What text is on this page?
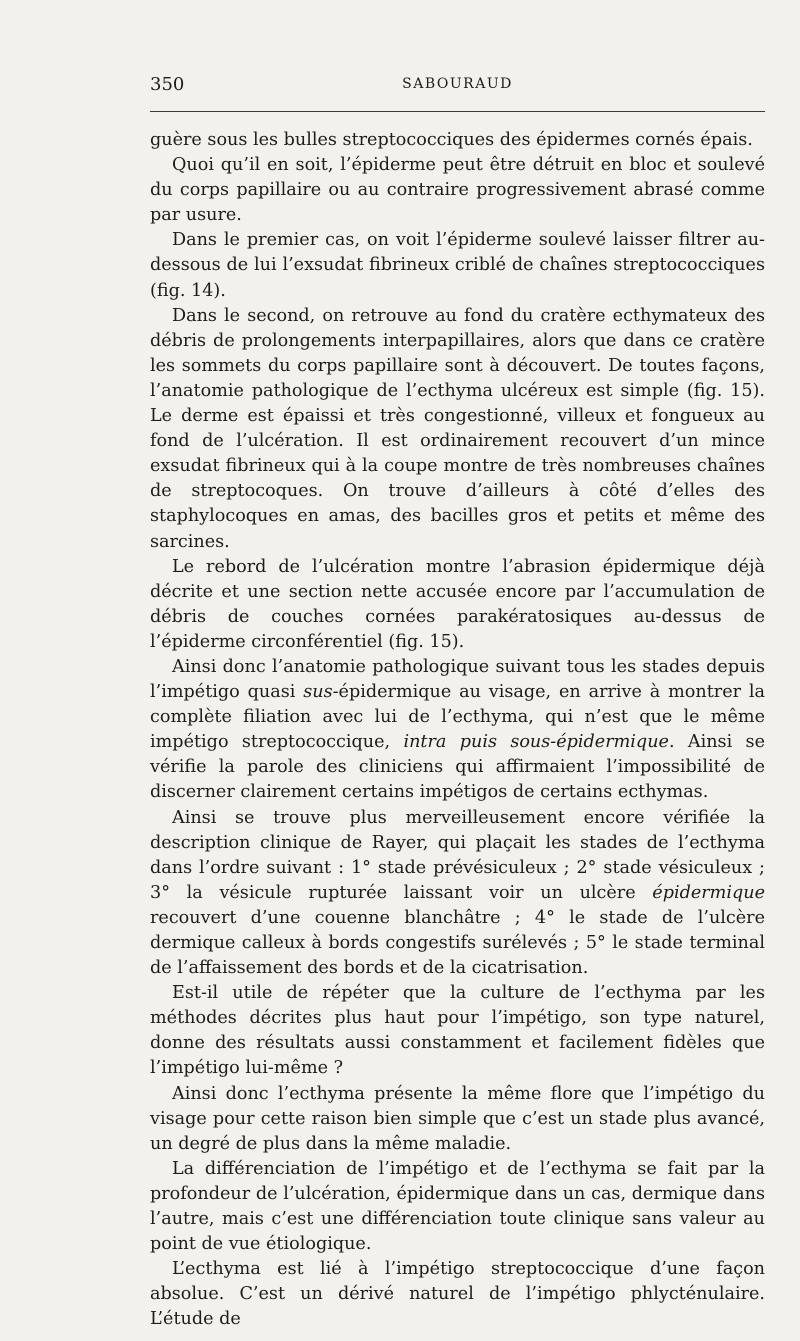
350	SABOURAUD

guère sous les bulles streptococciques des épidermes cornés épais.

Quoi qu’il en soit, l’épiderme peut être détruit en bloc et soulevé du corps papillaire ou au contraire progressivement abrasé comme par usure.

Dans le premier cas, on voit l’épiderme soulevé laisser filtrer au-dessous de lui l’exsudat fibrineux criblé de chaînes streptococciques (fig. 14).

Dans le second, on retrouve au fond du cratère ecthymateux des débris de prolongements interpapillaires, alors que dans ce cratère les sommets du corps papillaire sont à découvert. De toutes façons, l’anatomie pathologique de l’ecthyma ulcéreux est simple (fig. 15). Le derme est épaissi et très congestionné, villeux et fongueux au fond de l’ulcération. Il est ordinairement recouvert d’un mince exsudat fibrineux qui à la coupe montre de très nombreuses chaînes de streptocoques. On trouve d’ailleurs à côté d’elles des staphylocoques en amas, des bacilles gros et petits et même des sarcines.

Le rebord de l’ulcération montre l’abrasion épidermique déjà décrite et une section nette accusée encore par l’accumulation de débris de couches cornées parakératosiques au-dessus de l’épiderme circonférentiel (fig. 15).

Ainsi donc l’anatomie pathologique suivant tous les stades depuis l’impétigo quasi sus-épidermique au visage, en arrive à montrer la complète filiation avec lui de l’ecthyma, qui n’est que le même impétigo streptococcique, intra puis sous-épidermique. Ainsi se vérifie la parole des cliniciens qui affirmaient l’impossibilité de discerner clairement certains impétigos de certains ecthymas.

Ainsi se trouve plus merveilleusement encore vérifiée la description clinique de Rayer, qui plaçait les stades de l’ecthyma dans l’ordre suivant : 1° stade prévésiculeux ; 2° stade vésiculeux ; 3° la vésicule rupturée laissant voir un ulcère épidermique recouvert d’une couenne blanchâtre ; 4° le stade de l’ulcère dermique calleux à bords congestifs surélevés ; 5° le stade terminal de l’affaissement des bords et de la cicatrisation.

Est-il utile de répéter que la culture de l’ecthyma par les méthodes décrites plus haut pour l’impétigo, son type naturel, donne des résultats aussi constamment et facilement fidèles que l’impétigo lui-même ?

Ainsi donc l’ecthyma présente la même flore que l’impétigo du visage pour cette raison bien simple que c’est un stade plus avancé, un degré de plus dans la même maladie.

La différenciation de l’impétigo et de l’ecthyma se fait par la profondeur de l’ulcération, épidermique dans un cas, dermique dans l’autre, mais c’est une différenciation toute clinique sans valeur au point de vue étiologique.

L’ecthyma est lié à l’impétigo streptococcique d’une façon absolue. C’est un dérivé naturel de l’impétigo phlycténulaire. L’étude de
